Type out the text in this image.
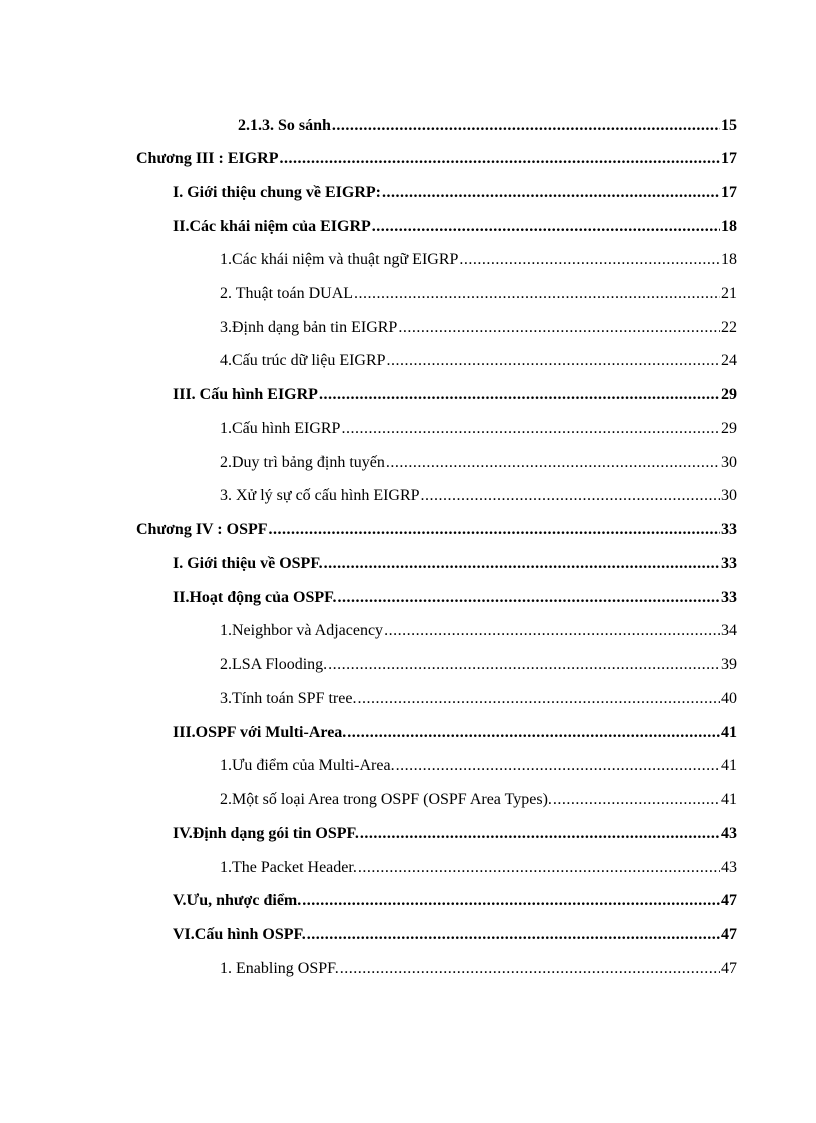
2.1.3. So sánh .....	15
Chương III : EIGRP .....	17
I. Giới thiệu chung về EIGRP: .....	17
II.Các khái niệm của EIGRP .....	18
1.Các khái niệm và thuật ngữ EIGRP .....	18
2. Thuật toán DUAL .....	21
3.Định dạng bản tin EIGRP .....	22
4.Cấu trúc dữ liệu EIGRP .....	24
III. Cấu hình EIGRP .....	29
1.Cấu hình EIGRP .....	29
2.Duy trì bảng định tuyến .....	30
3. Xử lý sự cố cấu hình EIGRP .....	30
Chương IV : OSPF .....	33
I. Giới thiệu về OSPF. .....	33
II.Hoạt động của OSPF. .....	33
1.Neighbor và Adjacency .....	34
2.LSA Flooding. .....	39
3.Tính toán SPF tree. .....	40
III.OSPF với Multi-Area. .....	41
1.Ưu điểm của Multi-Area. .....	41
2.Một số loại Area trong OSPF (OSPF Area Types). .....	41
IV.Định dạng gói tin OSPF. .....	43
1.The Packet Header. .....	43
V.Ưu, nhược điểm. .....	47
VI.Cấu hình OSPF. .....	47
1. Enabling OSPF. .....	47
